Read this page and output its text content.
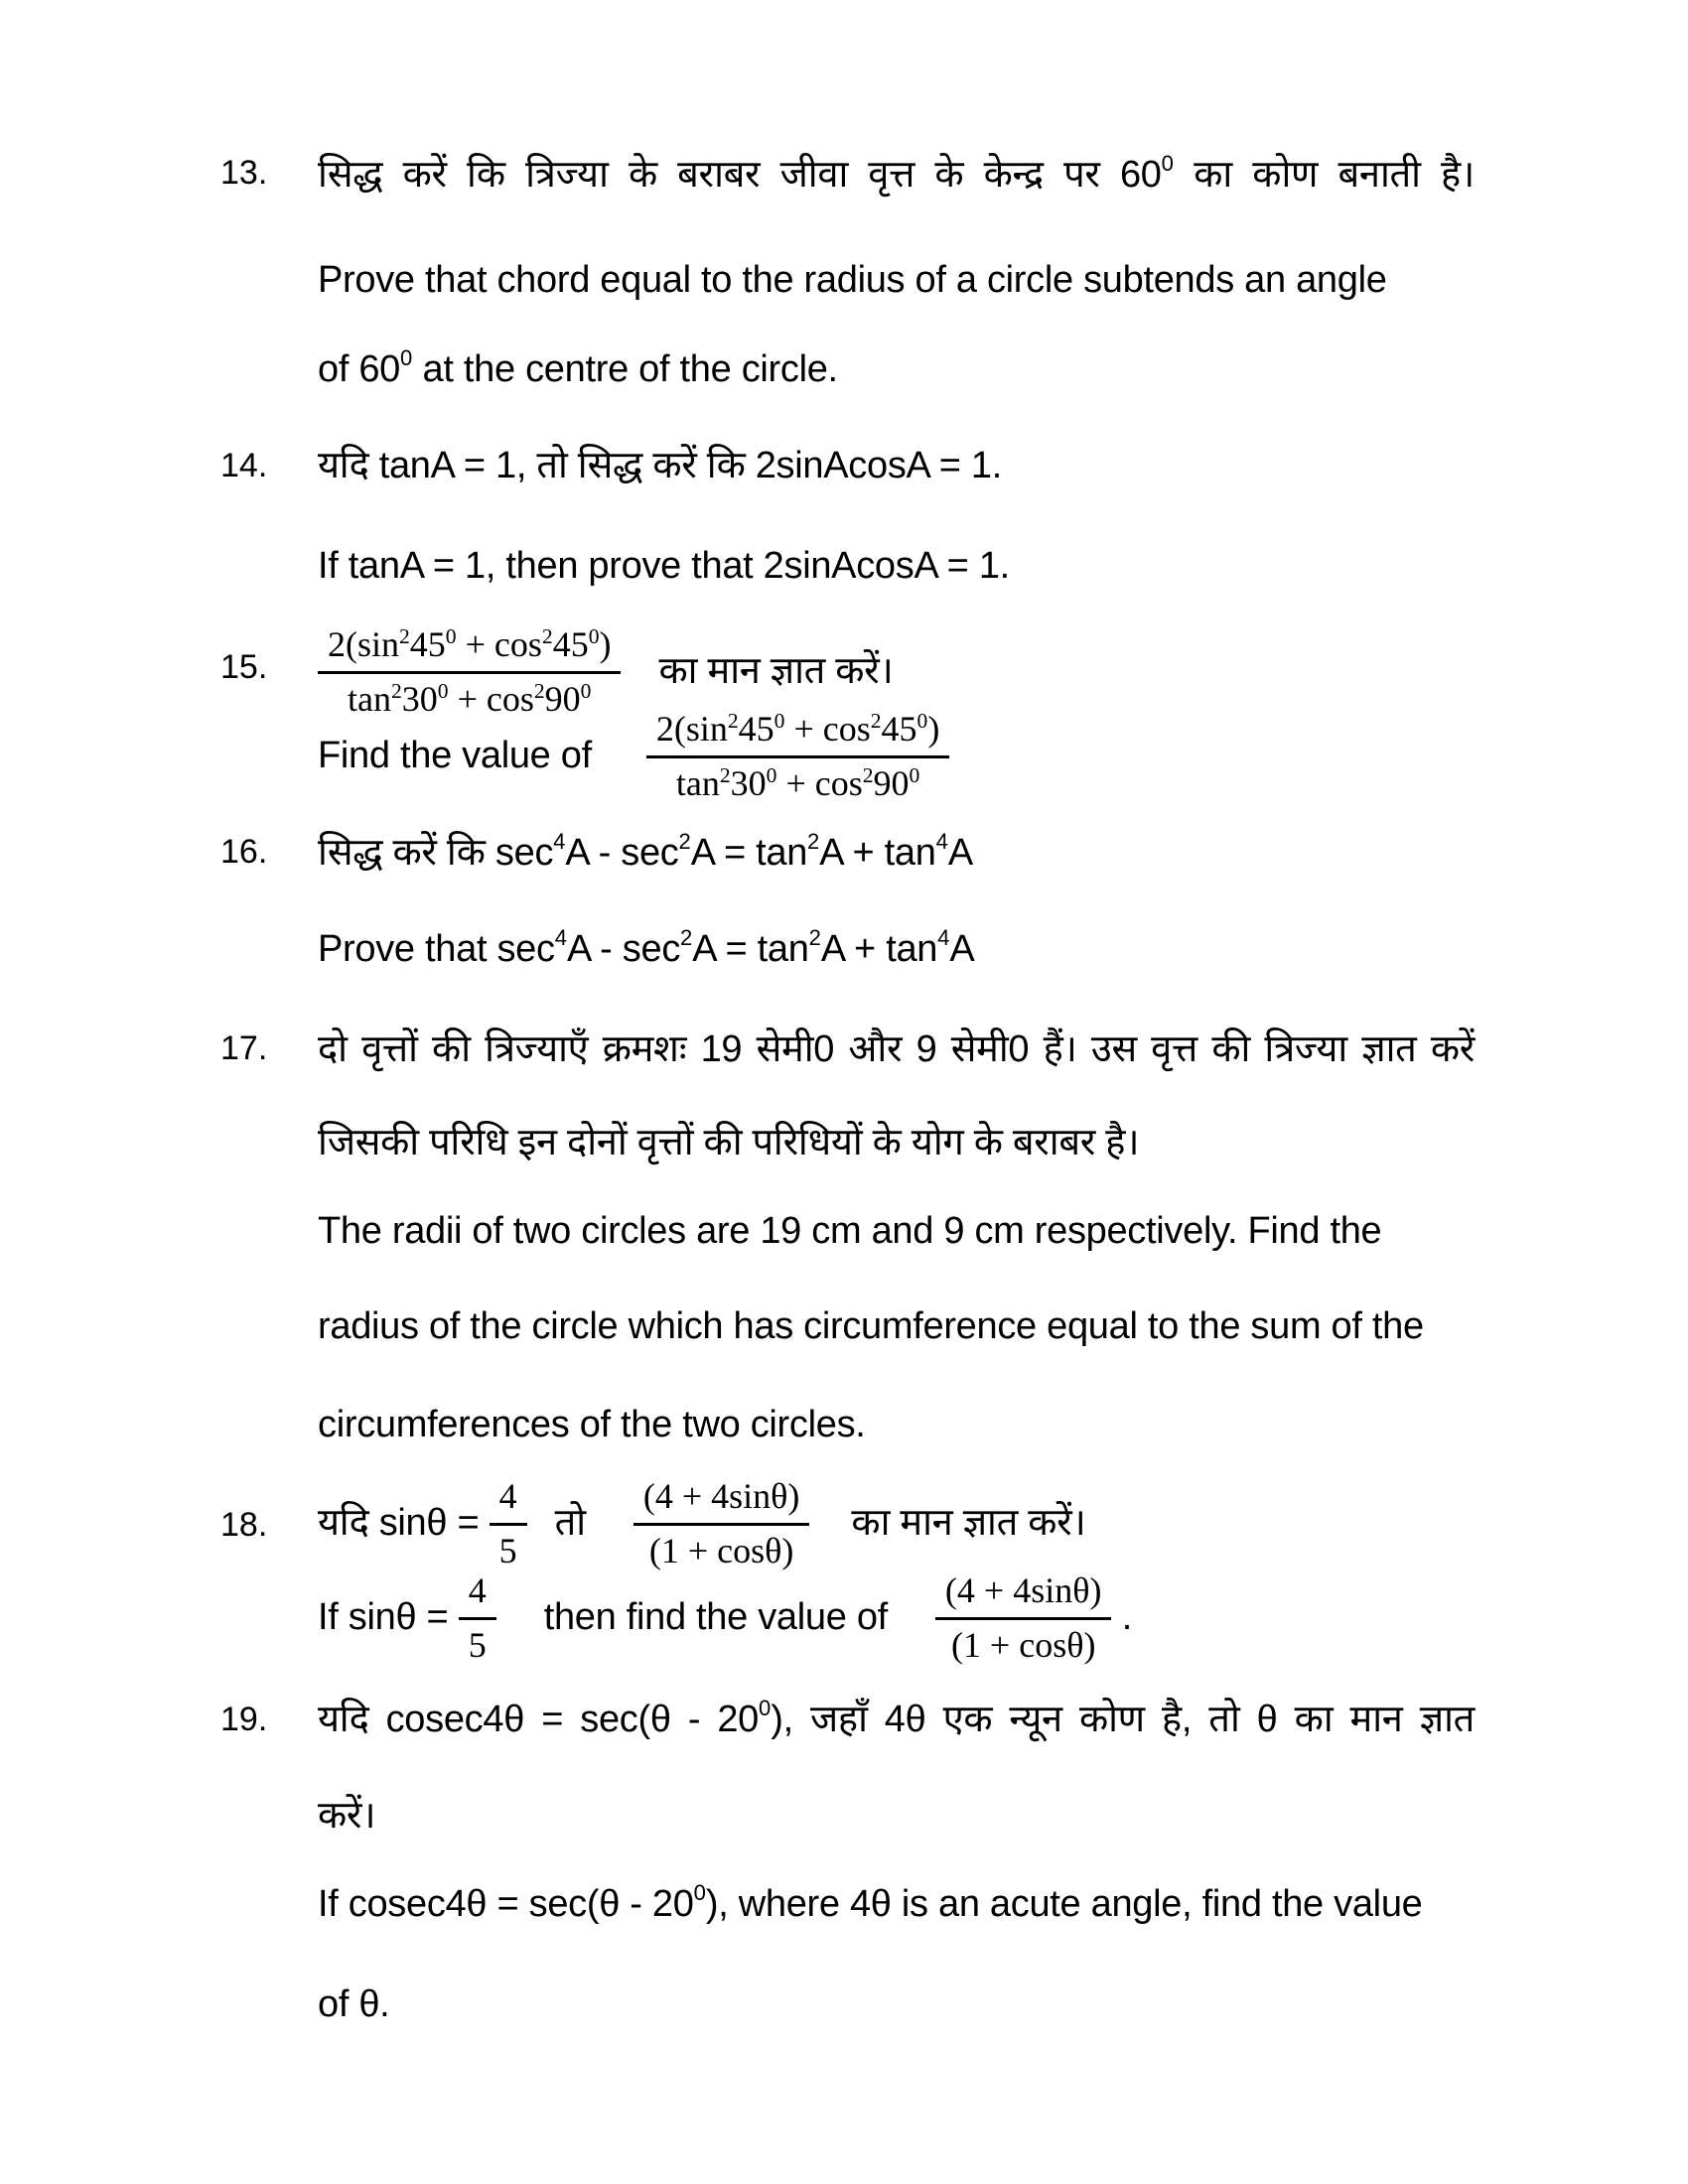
सिद्ध करें कि त्रिज्या के बराबर जीवा वृत्त के केन्द्र पर $60^0$ का कोण बनाती है।
Prove that chord equal to the radius of a circle subtends an angle
of $60^0$ at the centre of the circle.
यदि tanA = 1, तो सिद्ध करें कि 2sinAcosA = 1.
If tanA = 1, then prove that 2sinAcosA = 1.
$\frac{2(\sin^245^0 + \cos^245^0)}{\tan^230^0 + \cos^290^0}$ का मान ज्ञात करें।
Find the value of $\frac{2(\sin^245^0 + \cos^245^0)}{\tan^230^0 + \cos^290^0}$
सिद्ध करें कि $\sec^4A - \sec^2A = \tan^2A + \tan^4A$
Prove that $\sec^4A - \sec^2A = \tan^2A + \tan^4A$
दो वृत्तों की त्रिज्याएँ क्रमशः 19 सेमी0 और 9 सेमी0 हैं। उस वृत्त की त्रिज्या ज्ञात करें
जिसकी परिधि इन दोनों वृत्तों की परिधियों के योग के बराबर है।
The radii of two circles are 19 cm and 9 cm respectively. Find the
radius of the circle which has circumference equal to the sum of the
circumferences of the two circles.
यदि $\sin\theta = \frac{4}{5}$ तो $\frac{(4 + 4\sin\theta)}{(1 + \cos\theta)}$ का मान ज्ञात करें।
If $\sin\theta = \frac{4}{5}$ then find the value of $\frac{(4 + 4\sin\theta)}{(1 + \cos\theta)}$ .
यदि $cosec4\theta = \sec(\theta - 20^0)$, जहाँ 4θ एक न्यून कोण है, तो θ का मान ज्ञात
करें।
If $cosec4\theta = \sec(\theta - 20^0)$, where 4θ is an acute angle, find the value
of θ.
13.
14.
15.
16.
17.
18.
19.
